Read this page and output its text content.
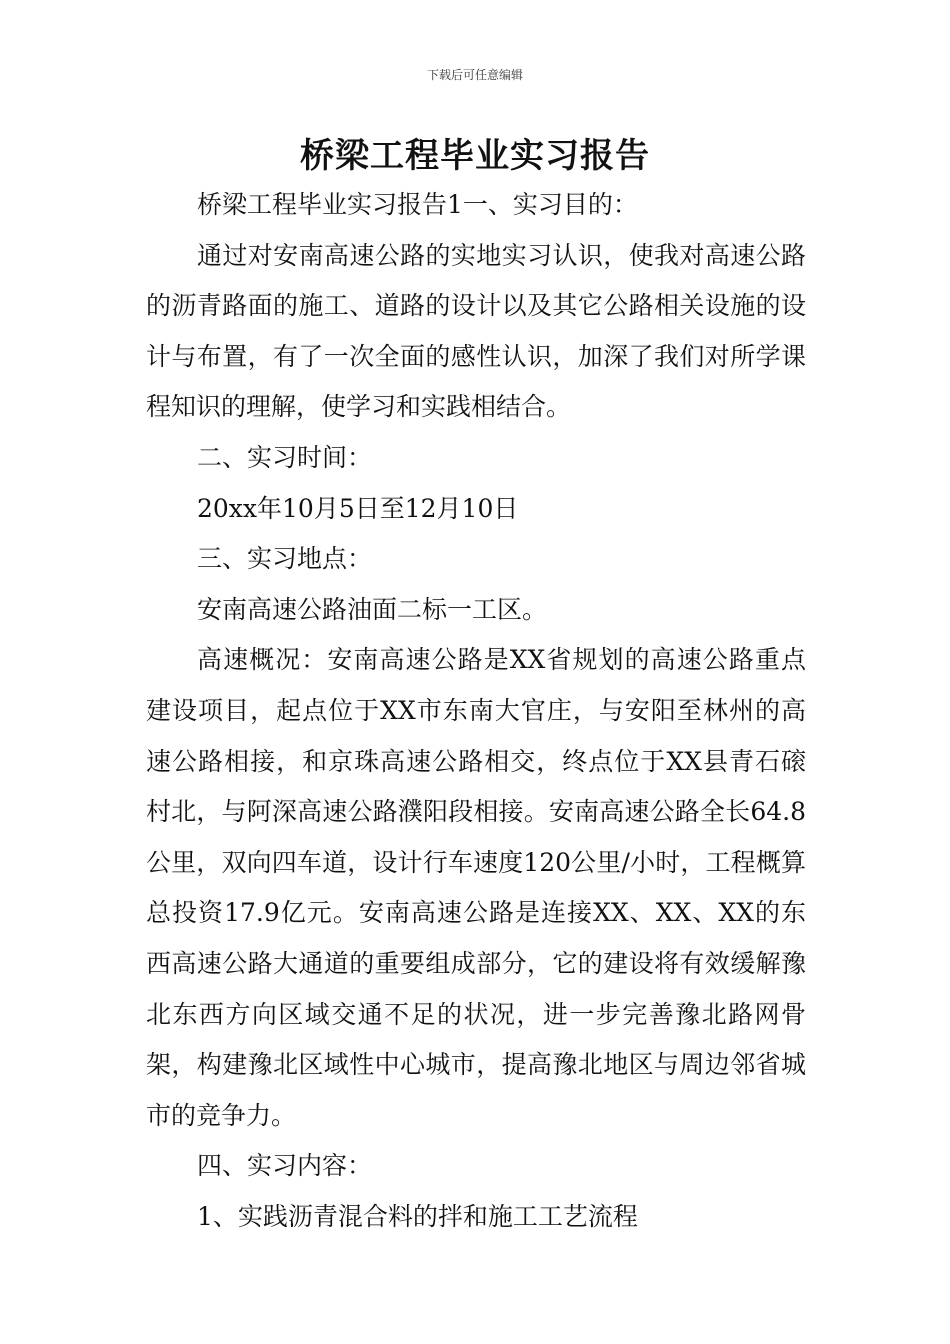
下载后可任意编辑
桥梁工程毕业实习报告

桥梁工程毕业实习报告1一、实习目的：

通过对安南高速公路的实地实习认识，使我对高速公路的沥青路面的施工、道路的设计以及其它公路相关设施的设计与布置，有了一次全面的感性认识，加深了我们对所学课程知识的理解，使学习和实践相结合。

二、实习时间：

20xx年10月5日至12月10日

三、实习地点：

安南高速公路油面二标一工区。

高速概况：安南高速公路是XX省规划的高速公路重点建设项目，起点位于XX市东南大官庄，与安阳至林州的高速公路相接，和京珠高速公路相交，终点位于XX县青石磙村北，与阿深高速公路濮阳段相接。安南高速公路全长64.8公里，双向四车道，设计行车速度120公里/小时，工程概算总投资17.9亿元。安南高速公路是连接XX、XX、XX的东西高速公路大通道的重要组成部分，它的建设将有效缓解豫北东西方向区域交通不足的状况，进一步完善豫北路网骨架，构建豫北区域性中心城市，提高豫北地区与周边邻省城市的竞争力。

四、实习内容：

1、实践沥青混合料的拌和施工工艺流程
